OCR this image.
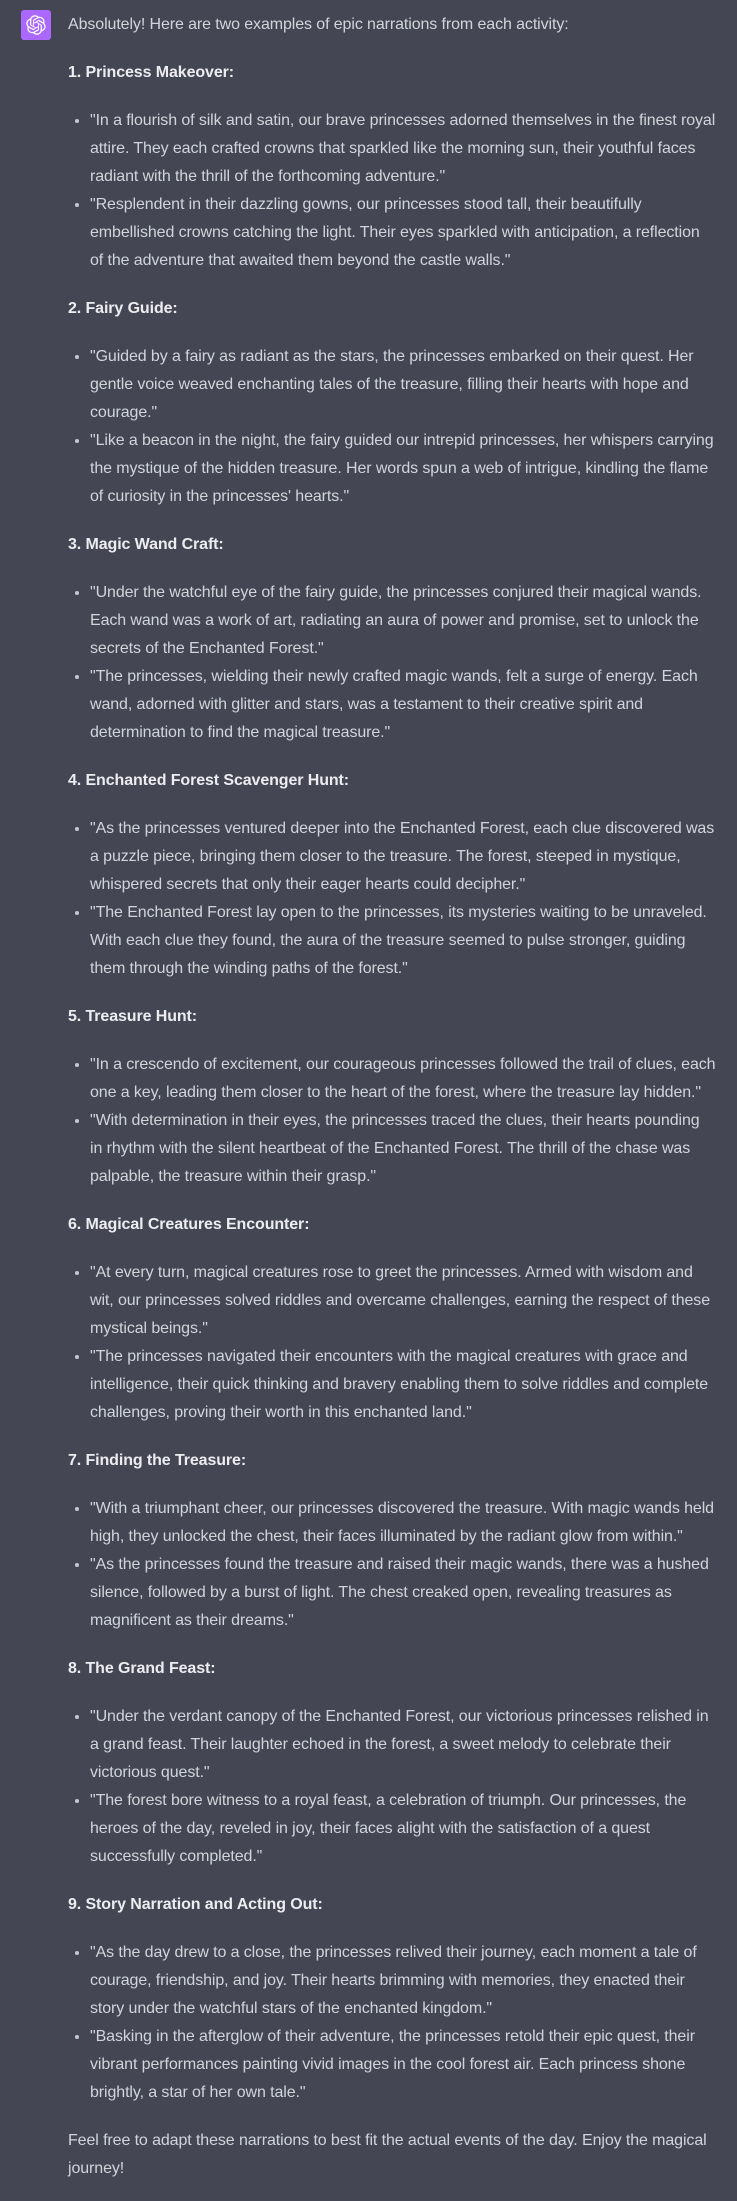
Absolutely! Here are two examples of epic narrations from each activity:

1. Princess Makeover:

• "In a flourish of silk and satin, our brave princesses adorned themselves in the finest royal attire. They each crafted crowns that sparkled like the morning sun, their youthful faces radiant with the thrill of the forthcoming adventure."
• "Resplendent in their dazzling gowns, our princesses stood tall, their beautifully embellished crowns catching the light. Their eyes sparkled with anticipation, a reflection of the adventure that awaited them beyond the castle walls."

2. Fairy Guide:

• "Guided by a fairy as radiant as the stars, the princesses embarked on their quest. Her gentle voice weaved enchanting tales of the treasure, filling their hearts with hope and courage."
• "Like a beacon in the night, the fairy guided our intrepid princesses, her whispers carrying the mystique of the hidden treasure. Her words spun a web of intrigue, kindling the flame of curiosity in the princesses' hearts."

3. Magic Wand Craft:

• "Under the watchful eye of the fairy guide, the princesses conjured their magical wands. Each wand was a work of art, radiating an aura of power and promise, set to unlock the secrets of the Enchanted Forest."
• "The princesses, wielding their newly crafted magic wands, felt a surge of energy. Each wand, adorned with glitter and stars, was a testament to their creative spirit and determination to find the magical treasure."

4. Enchanted Forest Scavenger Hunt:

• "As the princesses ventured deeper into the Enchanted Forest, each clue discovered was a puzzle piece, bringing them closer to the treasure. The forest, steeped in mystique, whispered secrets that only their eager hearts could decipher."
• "The Enchanted Forest lay open to the princesses, its mysteries waiting to be unraveled. With each clue they found, the aura of the treasure seemed to pulse stronger, guiding them through the winding paths of the forest."

5. Treasure Hunt:

• "In a crescendo of excitement, our courageous princesses followed the trail of clues, each one a key, leading them closer to the heart of the forest, where the treasure lay hidden."
• "With determination in their eyes, the princesses traced the clues, their hearts pounding in rhythm with the silent heartbeat of the Enchanted Forest. The thrill of the chase was palpable, the treasure within their grasp."

6. Magical Creatures Encounter:

• "At every turn, magical creatures rose to greet the princesses. Armed with wisdom and wit, our princesses solved riddles and overcame challenges, earning the respect of these mystical beings."
• "The princesses navigated their encounters with the magical creatures with grace and intelligence, their quick thinking and bravery enabling them to solve riddles and complete challenges, proving their worth in this enchanted land."

7. Finding the Treasure:

• "With a triumphant cheer, our princesses discovered the treasure. With magic wands held high, they unlocked the chest, their faces illuminated by the radiant glow from within."
• "As the princesses found the treasure and raised their magic wands, there was a hushed silence, followed by a burst of light. The chest creaked open, revealing treasures as magnificent as their dreams."

8. The Grand Feast:

• "Under the verdant canopy of the Enchanted Forest, our victorious princesses relished in a grand feast. Their laughter echoed in the forest, a sweet melody to celebrate their victorious quest."
• "The forest bore witness to a royal feast, a celebration of triumph. Our princesses, the heroes of the day, reveled in joy, their faces alight with the satisfaction of a quest successfully completed."

9. Story Narration and Acting Out:

• "As the day drew to a close, the princesses relived their journey, each moment a tale of courage, friendship, and joy. Their hearts brimming with memories, they enacted their story under the watchful stars of the enchanted kingdom."
• "Basking in the afterglow of their adventure, the princesses retold their epic quest, their vibrant performances painting vivid images in the cool forest air. Each princess shone brightly, a star of her own tale."

Feel free to adapt these narrations to best fit the actual events of the day. Enjoy the magical journey!
